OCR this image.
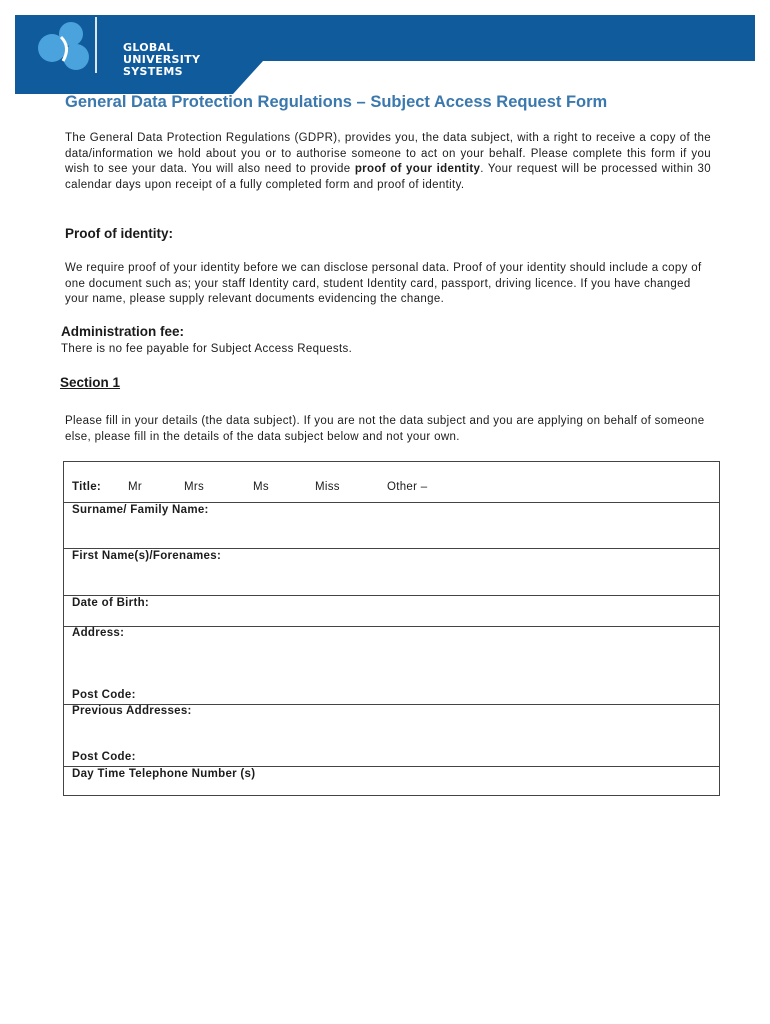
GLOBAL
UNIVERSITY
SYSTEMS
General Data Protection Regulations – Subject Access Request Form

The General Data Protection Regulations (GDPR), provides you, the data subject, with a right to receive a copy of the data/information we hold about you or to authorise someone to act on your behalf. Please complete this form if you wish to see your data. You will also need to provide proof of your identity. Your request will be processed within 30 calendar days upon receipt of a fully completed form and proof of identity.

Proof of identity:

We require proof of your identity before we can disclose personal data. Proof of your identity should include a copy of one document such as; your staff Identity card, student Identity card, passport, driving licence. If you have changed your name, please supply relevant documents evidencing the change.

Administration fee:

There is no fee payable for Subject Access Requests.

Section 1

Please fill in your details (the data subject). If you are not the data subject and you are applying on behalf of someone else, please fill in the details of the data subject below and not your own.

Title: Mr	Mrs	Ms	Miss	Other –
Surname/ Family Name:
First Name(s)/Forenames:
Date of Birth:
Address:
Post Code:
Previous Addresses:
Post Code:
Day Time Telephone Number (s)
